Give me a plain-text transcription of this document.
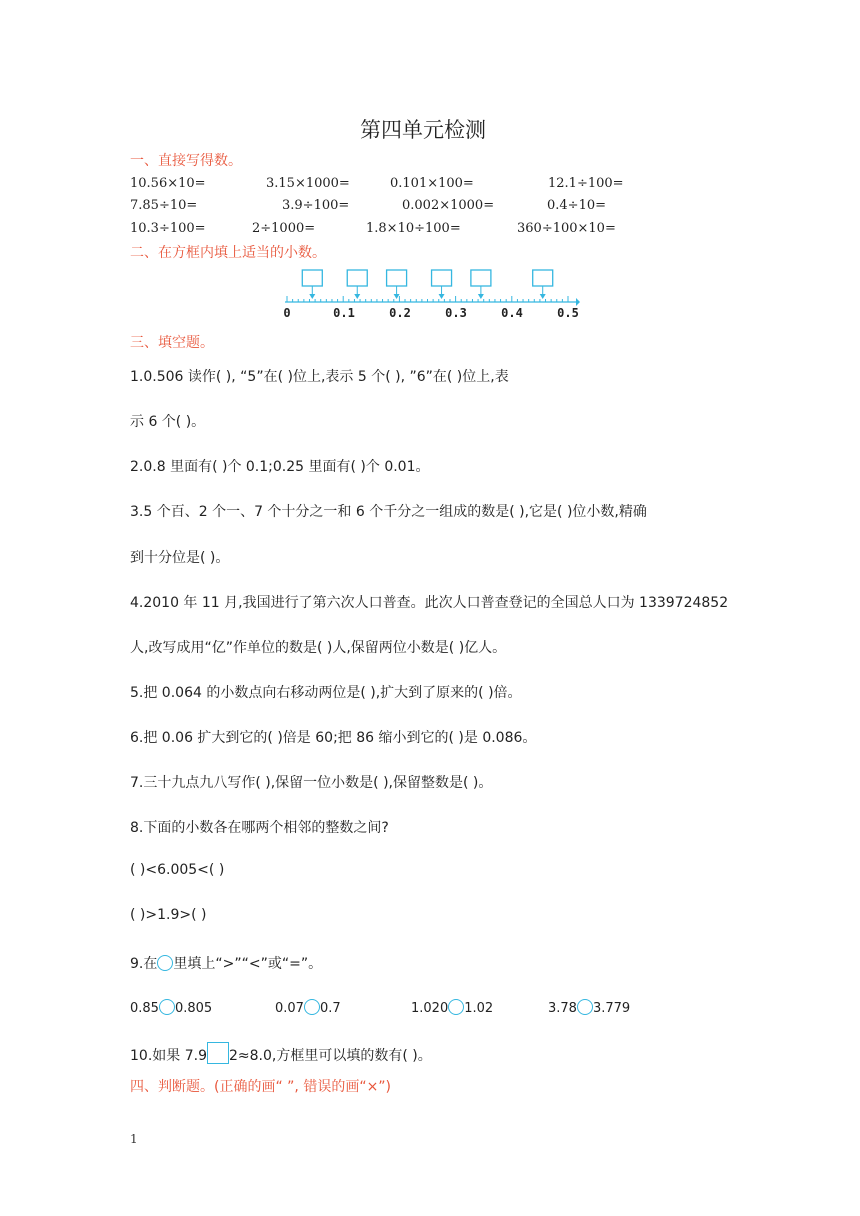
第四单元检测
一、直接写得数。
10.56×10=	3.15×1000=	0.101×100=	12.1÷100=
7.85÷10=	3.9÷100=	0.002×1000=	0.4÷10=
10.3÷100=	2÷1000=	1.8×10÷100=	360÷100×10=
二、在方框内填上适当的小数。
0	0.1	0.2	0.3	0.4	0.5
三、填空题。
1.0.506 读作( ), “5”在( )位上,表示 5 个( ), ”6”在( )位上,表
示 6 个( )。
2.0.8 里面有( )个 0.1;0.25 里面有( )个 0.01。
3.5 个百、2 个一、7 个十分之一和 6 个千分之一组成的数是( ),它是( )位小数,精确
到十分位是( )。
4.2010 年 11 月,我国进行了第六次人口普查。此次人口普查登记的全国总人口为 1339724852
人,改写成用“亿”作单位的数是( )人,保留两位小数是( )亿人。
5.把 0.064 的小数点向右移动两位是( ),扩大到了原来的( )倍。
6.把 0.06 扩大到它的( )倍是 60;把 86 缩小到它的( )是 0.086。
7.三十九点九八写作( ),保留一位小数是( ),保留整数是( )。
8.下面的小数各在哪两个相邻的整数之间?
( )<6.005<( )
( )>1.9>( )
9.在 里填上“>”“<”或“=”。
0.85 0.805	0.07 0.7	1.020 1.02	3.78 3.779
10.如果 7.9 2≈8.0,方框里可以填的数有( )。
四、判断题。(正确的画“ ”, 错误的画“×”)
1
